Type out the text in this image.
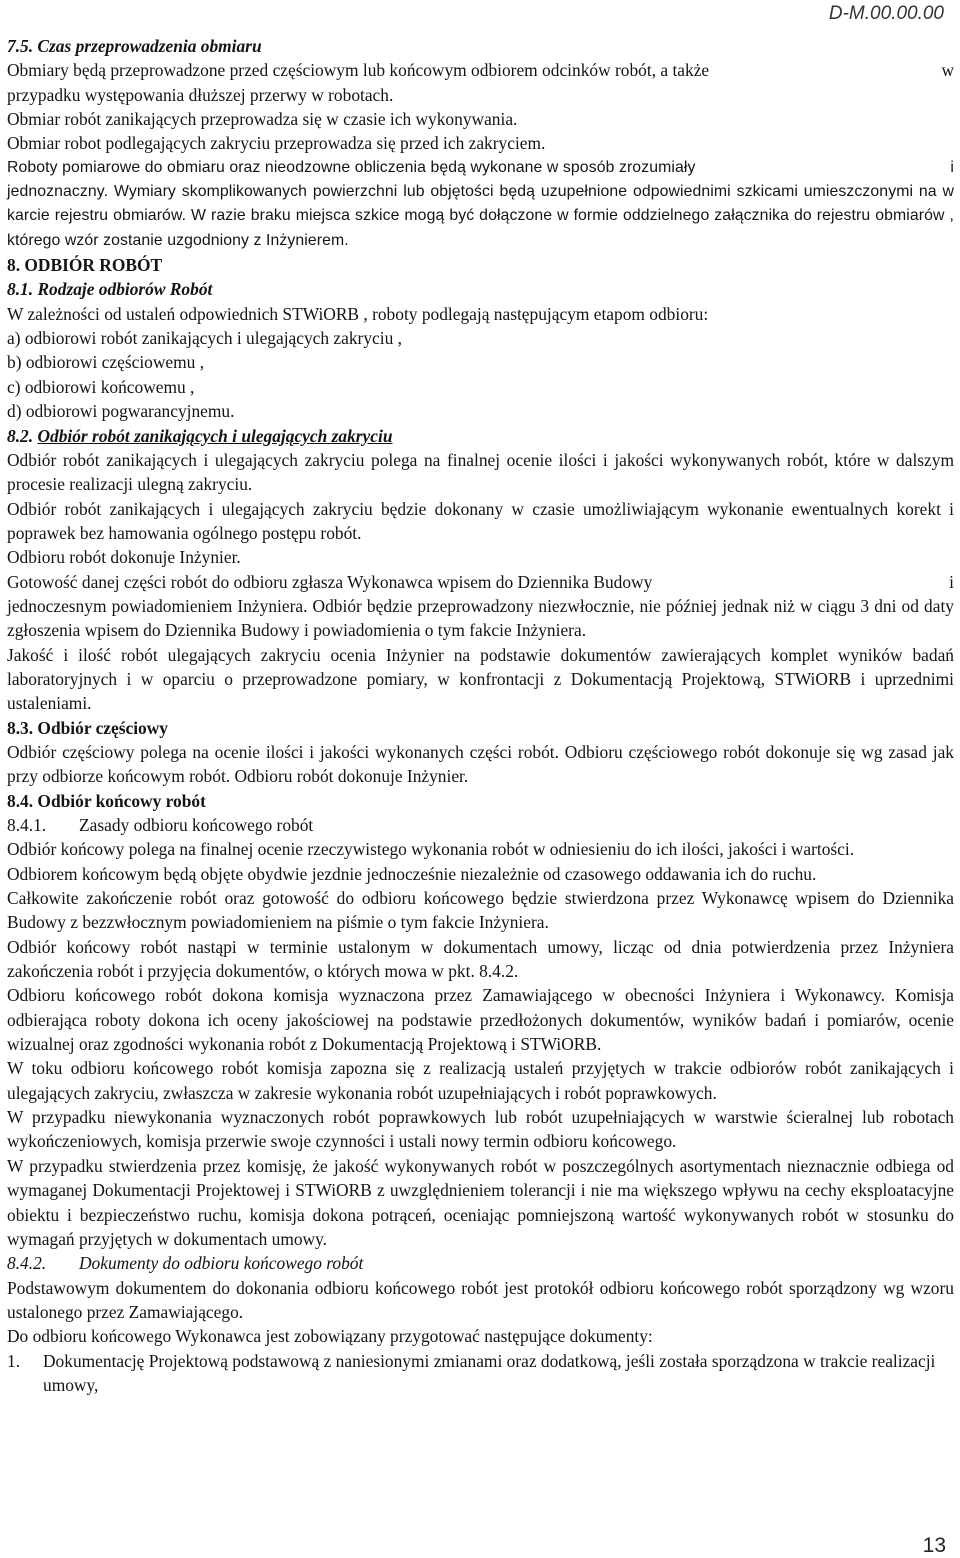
D-M.00.00.00

7.5. Czas przeprowadzenia obmiaru

Obmiary będą przeprowadzone przed częściowym lub końcowym odbiorem odcinków robót, a także	w

przypadku występowania dłuższej przerwy w robotach.

Obmiar robót zanikających przeprowadza się w czasie ich wykonywania.

Obmiar robot podlegających zakryciu przeprowadza się przed ich zakryciem.

Roboty pomiarowe do obmiaru oraz nieodzowne obliczenia będą wykonane w sposób zrozumiały	i

jednoznaczny. Wymiary skomplikowanych powierzchni lub objętości będą uzupełnione odpowiednimi szkicami umieszczonymi na w karcie rejestru obmiarów. W razie braku miejsca szkice mogą być dołączone w formie oddzielnego załącznika do rejestru obmiarów , którego wzór zostanie uzgodniony z Inżynierem.

8. ODBIÓR ROBÓT

8.1. Rodzaje odbiorów Robót

W zależności od ustaleń odpowiednich STWiORB , roboty podlegają następującym etapom odbioru:

a) odbiorowi robót zanikających i ulegających zakryciu ,

b) odbiorowi częściowemu ,

c) odbiorowi końcowemu ,

d) odbiorowi pogwarancyjnemu.

8.2. Odbiór robót zanikających i ulegających zakryciu

Odbiór robót zanikających i ulegających zakryciu polega na finalnej ocenie ilości i jakości wykonywanych robót, które w dalszym procesie realizacji ulegną zakryciu.

Odbiór robót zanikających i ulegających zakryciu będzie dokonany w czasie umożliwiającym wykonanie ewentualnych korekt i poprawek bez hamowania ogólnego postępu robót.

Odbioru robót dokonuje Inżynier.

Gotowość danej części robót do odbioru zgłasza Wykonawca wpisem do Dziennika Budowy	i

jednoczesnym powiadomieniem Inżyniera. Odbiór będzie przeprowadzony niezwłocznie, nie później jednak niż w ciągu 3 dni od daty zgłoszenia wpisem do Dziennika Budowy i powiadomienia o tym fakcie Inżyniera.

Jakość i ilość robót ulegających zakryciu ocenia Inżynier na podstawie dokumentów zawierających komplet wyników badań laboratoryjnych i w oparciu o przeprowadzone pomiary, w konfrontacji z Dokumentacją Projektową, STWiORB i uprzednimi ustaleniami.

8.3. Odbiór częściowy

Odbiór częściowy polega na ocenie ilości i jakości wykonanych części robót. Odbioru częściowego robót dokonuje się wg zasad jak przy odbiorze końcowym robót. Odbioru robót dokonuje Inżynier.

8.4. Odbiór końcowy robót

8.4.1.	Zasady odbioru końcowego robót

Odbiór końcowy polega na finalnej ocenie rzeczywistego wykonania robót w odniesieniu do ich ilości, jakości i wartości.

Odbiorem końcowym będą objęte obydwie jezdnie jednocześnie niezależnie od czasowego oddawania ich do ruchu.

Całkowite zakończenie robót oraz gotowość do odbioru końcowego będzie stwierdzona przez Wykonawcę wpisem do Dziennika Budowy z bezzwłocznym powiadomieniem na piśmie o tym fakcie Inżyniera.

Odbiór końcowy robót nastąpi w terminie ustalonym w dokumentach umowy, licząc od dnia potwierdzenia przez Inżyniera zakończenia robót i przyjęcia dokumentów, o których mowa w pkt. 8.4.2.

Odbioru końcowego robót dokona komisja wyznaczona przez Zamawiającego w obecności Inżyniera i Wykonawcy. Komisja odbierająca roboty dokona ich oceny jakościowej na podstawie przedłożonych dokumentów, wyników badań i pomiarów, ocenie wizualnej oraz zgodności wykonania robót z Dokumentacją Projektową i STWiORB.

W toku odbioru końcowego robót komisja zapozna się z realizacją ustaleń przyjętych w trakcie odbiorów robót zanikających i ulegających zakryciu, zwłaszcza w zakresie wykonania robót uzupełniających i robót poprawkowych.

W przypadku niewykonania wyznaczonych robót poprawkowych lub robót uzupełniających w warstwie ścieralnej lub robotach wykończeniowych, komisja przerwie swoje czynności i ustali nowy termin odbioru końcowego.

W przypadku stwierdzenia przez komisję, że jakość wykonywanych robót w poszczególnych asortymentach nieznacznie odbiega od wymaganej Dokumentacji Projektowej i STWiORB z uwzględnieniem tolerancji i nie ma większego wpływu na cechy eksploatacyjne obiektu i bezpieczeństwo ruchu, komisja dokona potrąceń, oceniając pomniejszoną wartość wykonywanych robót w stosunku do wymagań przyjętych w dokumentach umowy.

8.4.2.	Dokumenty do odbioru końcowego robót

Podstawowym dokumentem do dokonania odbioru końcowego robót jest protokół odbioru końcowego robót sporządzony wg wzoru ustalonego przez Zamawiającego.

Do odbioru końcowego Wykonawca jest zobowiązany przygotować następujące dokumenty:

1.	Dokumentację Projektową podstawową z naniesionymi zmianami oraz dodatkową, jeśli została sporządzona w trakcie realizacji umowy,
13
